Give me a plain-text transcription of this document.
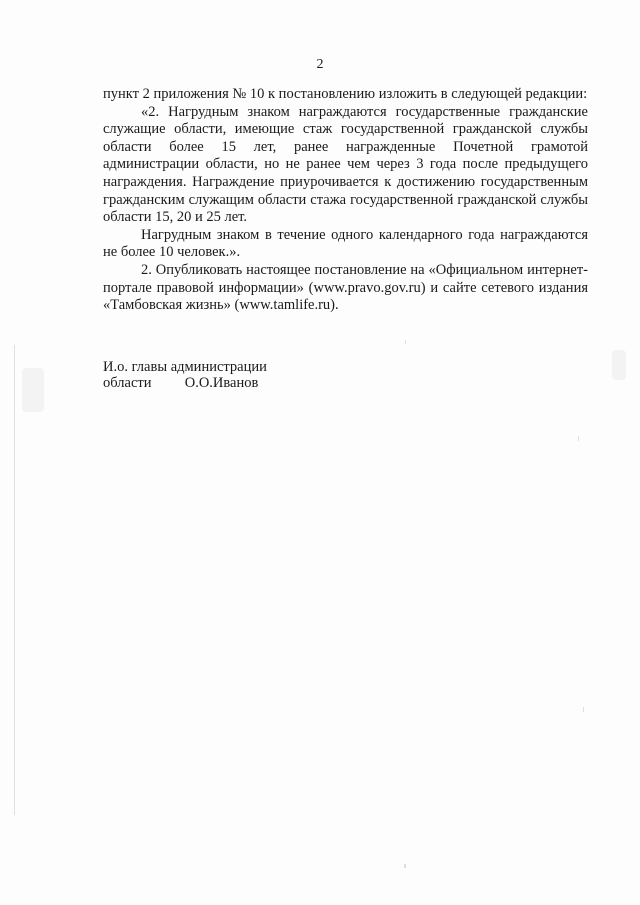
2

пункт 2 приложения № 10 к постановлению изложить в следующей редакции:

«2. Нагрудным знаком награждаются государственные гражданские служащие области, имеющие стаж государственной гражданской службы области более 15 лет, ранее награжденные Почетной грамотой администрации области, но не ранее чем через 3 года после предыдущего награждения. Награждение приурочивается к достижению государственным гражданским служащим области стажа государственной гражданской службы области 15, 20 и 25 лет.

Нагрудным знаком в течение одного календарного года награждаются не более 10 человек.».

2. Опубликовать настоящее постановление на «Официальном интернет-портале правовой информации» (www.pravo.gov.ru) и сайте сетевого издания «Тамбовская жизнь» (www.tamlife.ru).

И.о. главы администрации

области О.О.Иванов
